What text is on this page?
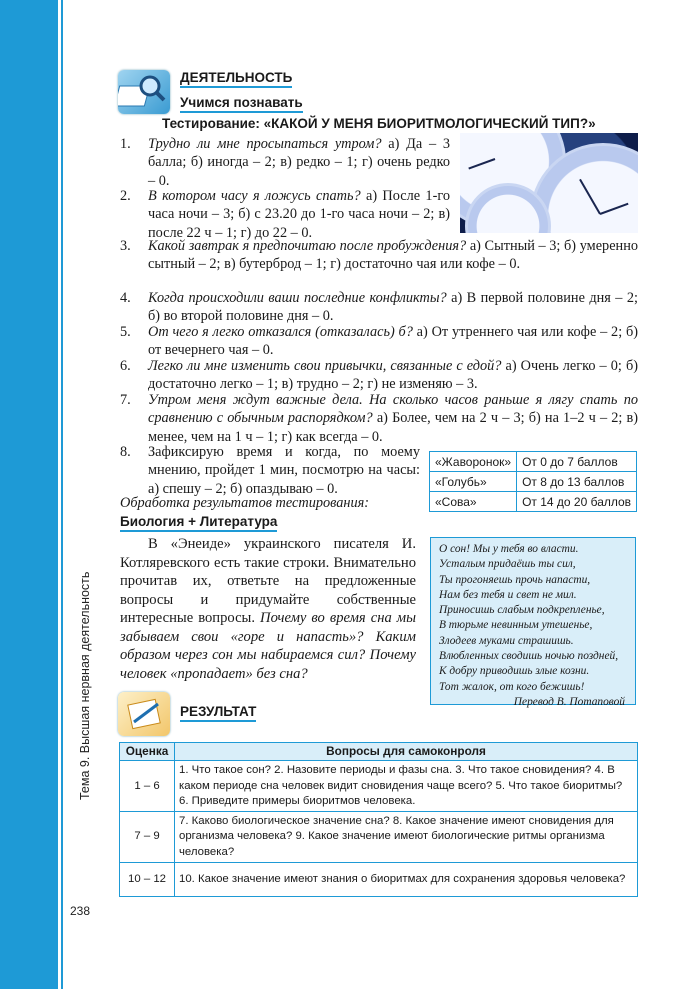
Тема 9. Высшая нервная деятельность
238
ДЕЯТЕЛЬНОСТЬ
Учимся познавать
Тестирование: «КАКОЙ У МЕНЯ БИОРИТМОЛОГИЧЕСКИЙ ТИП?»
1. Трудно ли мне просыпаться утром? а) Да – 3 балла; б) иногда – 2; в) редко – 1; г) очень редко – 0.
2. В котором часу я ложусь спать? а) После 1-го часа ночи – 3; б) с 23.20 до 1-го часа ночи – 2; в) после 22 ч – 1; г) до 22 – 0.
3. Какой завтрак я предпочитаю после пробуждения? а) Сытный – 3; б) умеренно сытный – 2; в) бутерброд – 1; г) достаточно чая или кофе – 0.
4. Когда происходили ваши последние конфликты? а) В первой половине дня – 2; б) во второй половине дня – 0.
5. От чего я легко отказался (отказалась) б? а) От утреннего чая или кофе – 2; б) от вечернего чая – 0.
6. Легко ли мне изменить свои привычки, связанные с едой? а) Очень легко – 0; б) достаточно легко – 1; в) трудно – 2; г) не изменяю – 3.
7. Утром меня ждут важные дела. На сколько часов раньше я лягу спать по сравнению с обычным распорядком? а) Более, чем на 2 ч – 3; б) на 1–2 ч – 2; в) менее, чем на 1 ч – 1; г) как всегда – 0.
8. Зафиксирую время и когда, по моему мнению, пройдет 1 мин, посмотрю на часы: а) спешу – 2; б) опаздываю – 0.
Обработка результатов тестирования:
«Жаворонок»	От 0 до 7 баллов
«Голубь»	От 8 до 13 баллов
«Сова»	От 14 до 20 баллов
Биология + Литература
В «Энеиде» украинского писателя И. Котляревского есть такие строки. Внимательно прочитав их, ответьте на предложенные вопросы и придумайте собственные интересные вопросы. Почему во время сна мы забываем свои «горе и напасть»? Каким образом через сон мы набираемся сил? Почему человек «пропадает» без сна?
О сон! Мы у тебя во власти.
Усталым придаёшь ты сил,
Ты прогоняешь прочь напасти,
Нам без тебя и свет не мил.
Приносишь слабым подкрепленье,
В тюрьме невинным утешенье,
Злодеев муками страшишь.
Влюбленных сводишь ночью поздней,
К добру приводишь злые козни.
Тот жалок, от кого бежишь!
Перевод В. Потаповой
РЕЗУЛЬТАТ
Оценка	Вопросы для самоконроля
1 – 6	1. Что такое сон? 2. Назовите периоды и фазы сна. 3. Что такое сновидения? 4. В каком периоде сна человек видит сновидения чаще всего? 5. Что такое биоритмы? 6. Приведите примеры биоритмов человека.
7 – 9	7. Каково биологическое значение сна? 8. Какое значение имеют сновидения для организма человека? 9. Какое значение имеют биологические ритмы организма человека?
10 – 12	10. Какое значение имеют знания о биоритмах для сохранения здоровья человека?
